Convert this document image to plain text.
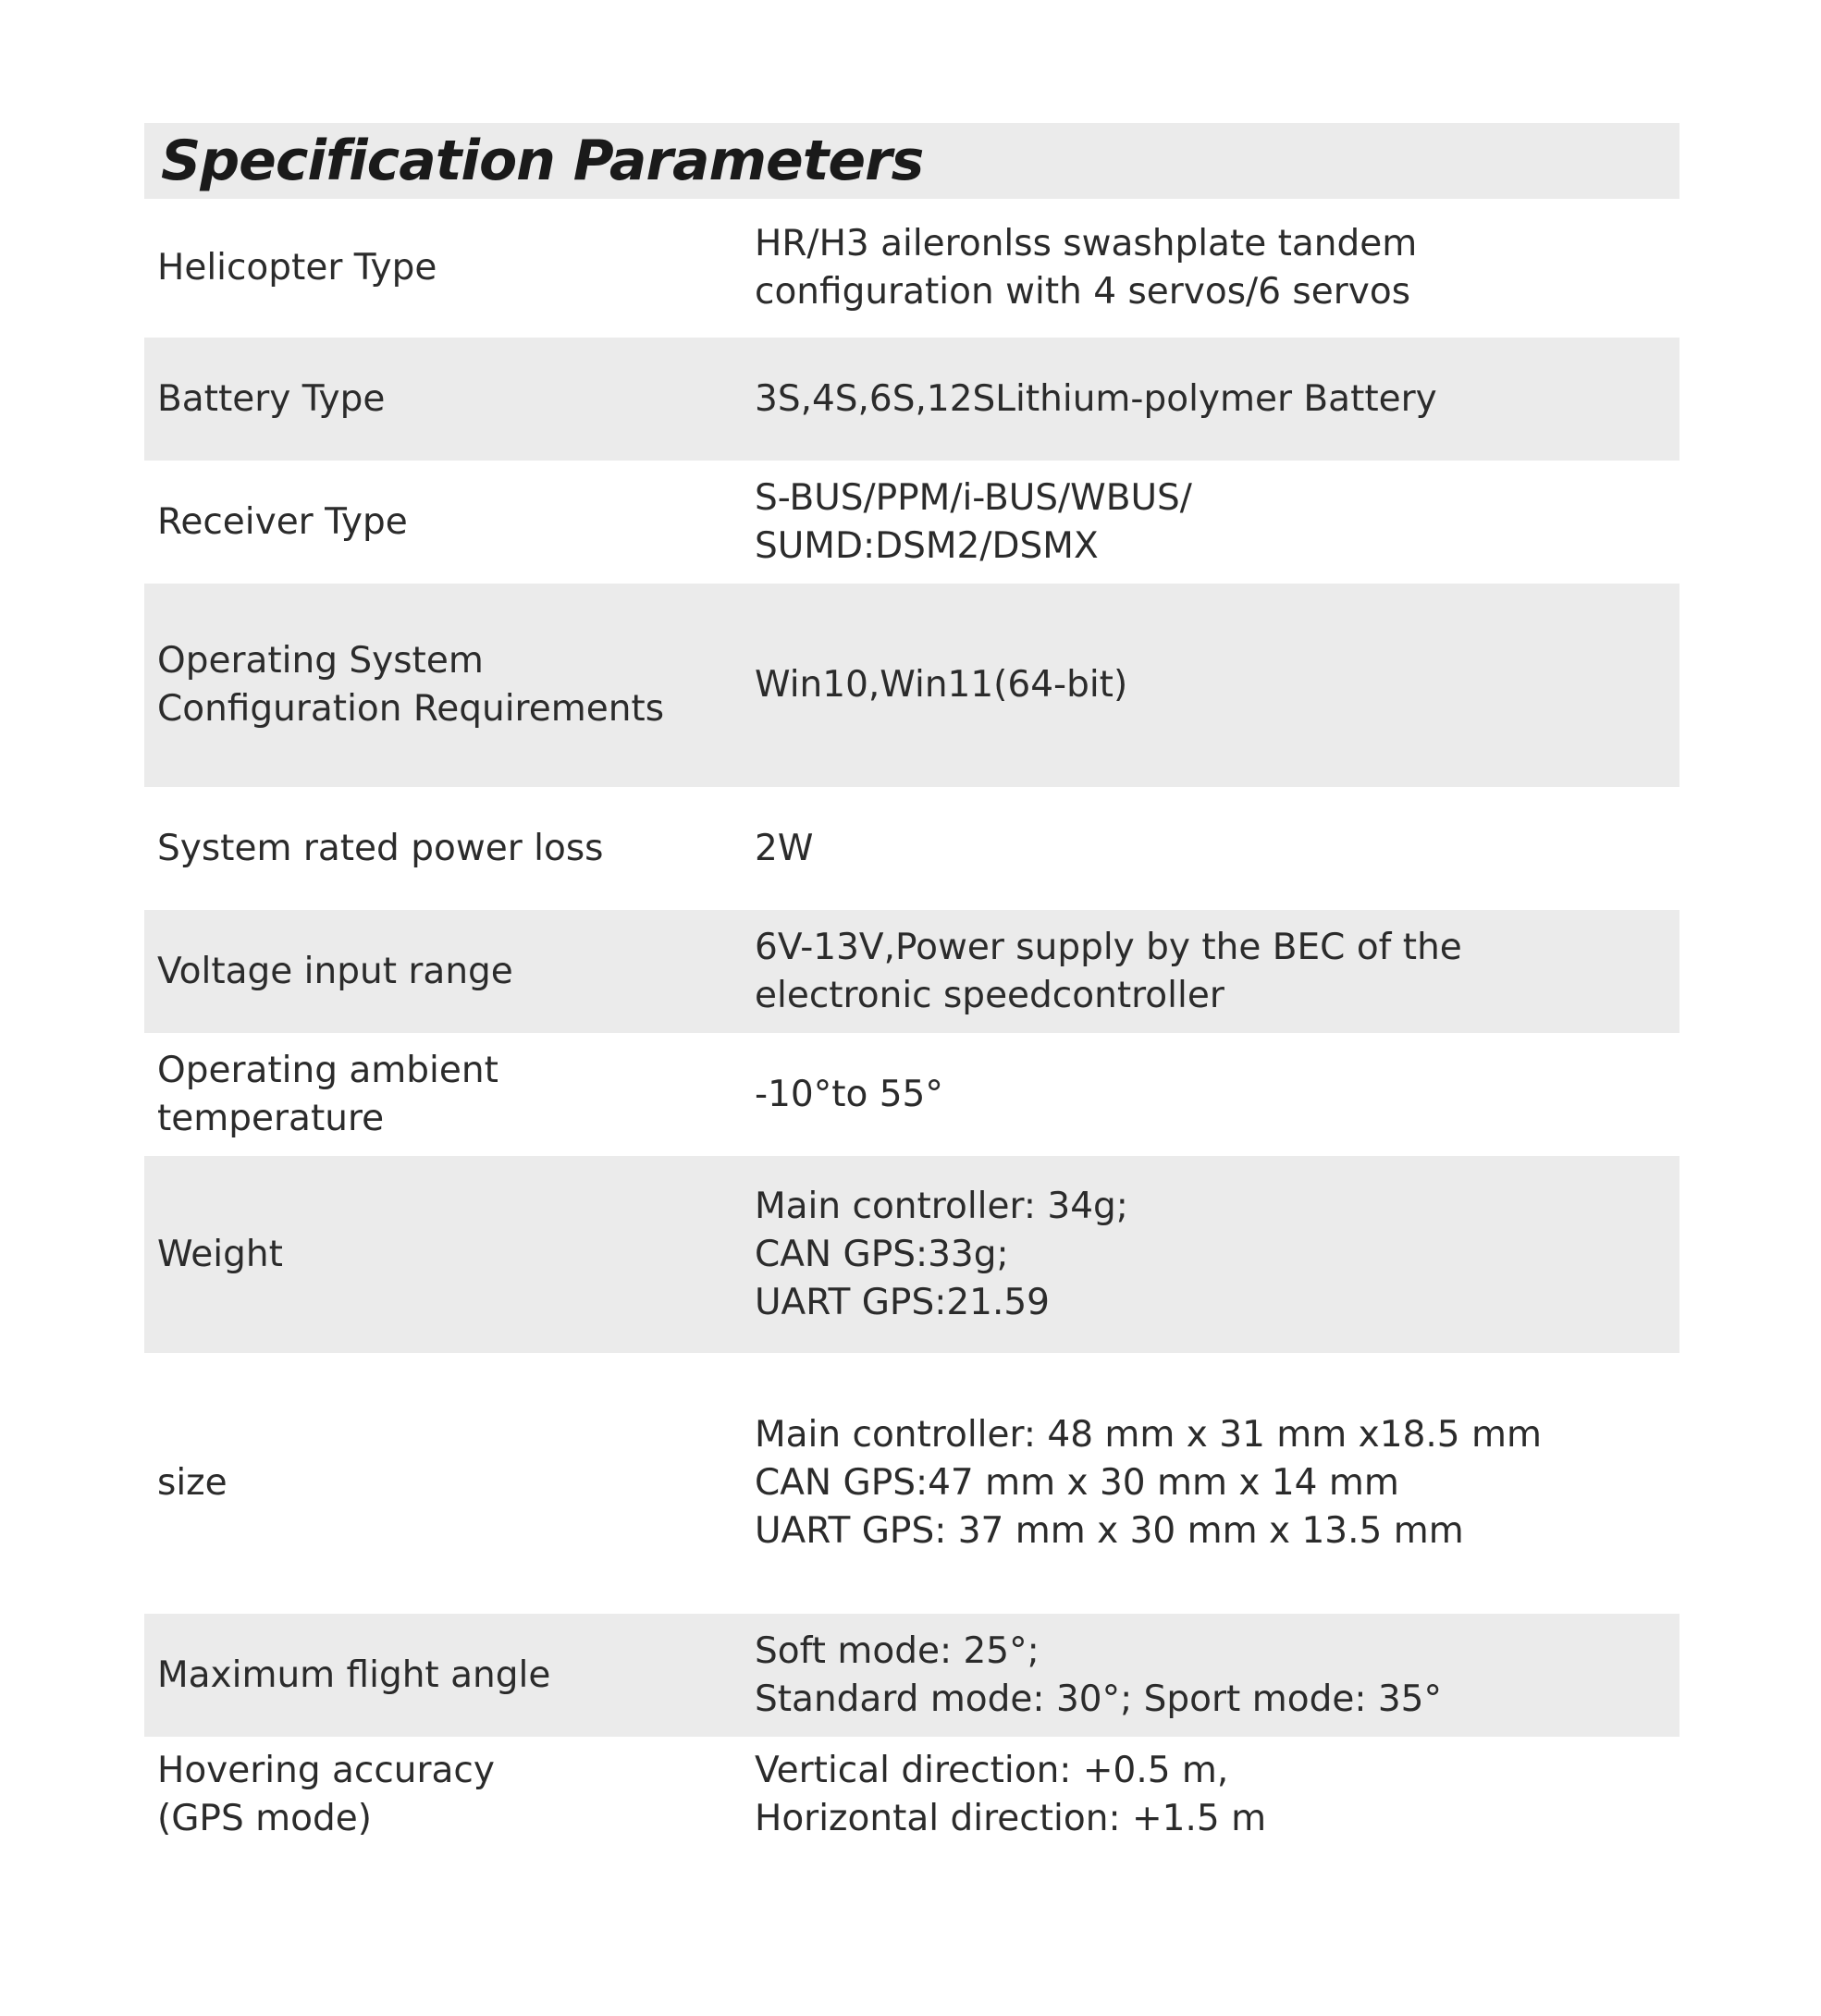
Specification Parameters
Helicopter Type	HR/H3 aileronlss swashplate tandem
configuration with 4 servos/6 servos
Battery Type	3S,4S,6S,12SLithium-polymer Battery
Receiver Type	S-BUS/PPM/i-BUS/WBUS/
SUMD:DSM2/DSMX
Operating System
Configuration Requirements	Win10,Win11(64-bit)
System rated power loss	2W
Voltage input range	6V-13V,Power supply by the BEC of the
electronic speedcontroller
Operating ambient
temperature	-10°to 55°
Weight	Main controller: 34g;
CAN GPS:33g;
UART GPS:21.59
size	Main controller: 48 mm x 31 mm x18.5 mm
CAN GPS:47 mm x 30 mm x 14 mm
UART GPS: 37 mm x 30 mm x 13.5 mm
Maximum flight angle	Soft mode: 25°;
Standard mode: 30°; Sport mode: 35°
Hovering accuracy
(GPS mode)	Vertical direction: +0.5 m,
Horizontal direction: +1.5 m
